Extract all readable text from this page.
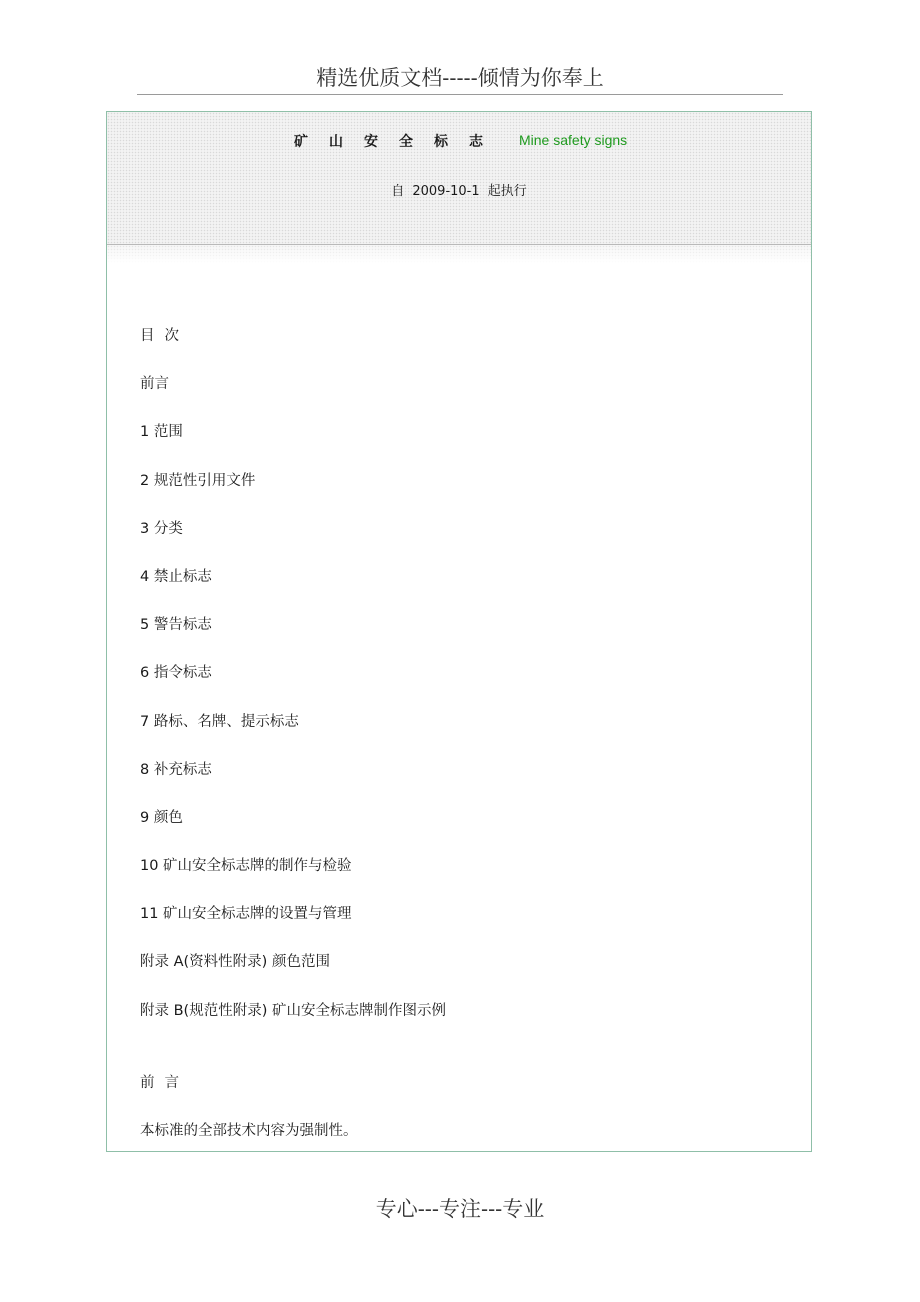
精选优质文档-----倾情为你奉上
矿山安全标志 Mine safety signs
自 2009-10-1 起执行
目次
前言
1 范围
2 规范性引用文件
3 分类
4 禁止标志
5 警告标志
6 指令标志
7 路标、名牌、提示标志
8 补充标志
9 颜色
10 矿山安全标志牌的制作与检验
11 矿山安全标志牌的设置与管理
附录 A(资料性附录) 颜色范围
附录 B(规范性附录) 矿山安全标志牌制作图示例
前言
本标准的全部技术内容为强制性。
专心---专注---专业
